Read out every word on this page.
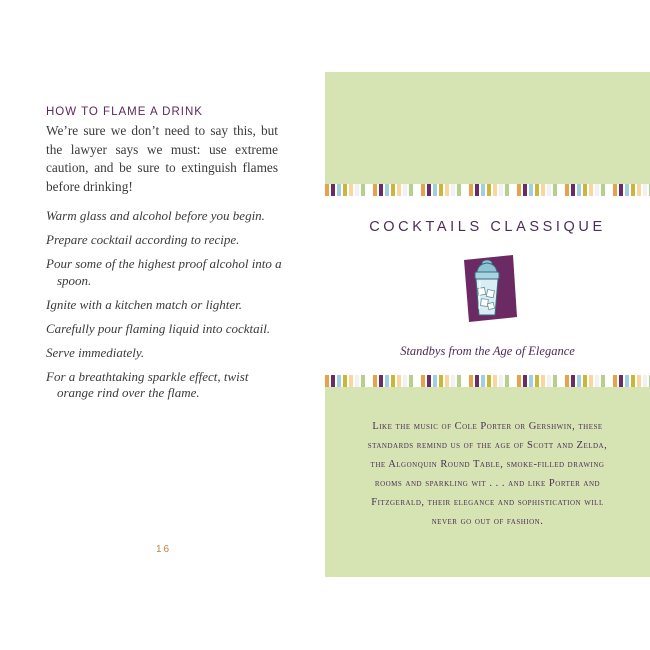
HOW TO FLAME A DRINK
We’re sure we don’t need to say this, but the lawyer says we must: use extreme caution, and be sure to extinguish flames before drinking!
Warm glass and alcohol before you begin.
Prepare cocktail according to recipe.
Pour some of the highest proof alcohol into a spoon.
Ignite with a kitchen match or lighter.
Carefully pour flaming liquid into cocktail.
Serve immediately.
For a breathtaking sparkle effect, twist orange rind over the flame.
16
COCKTAILS CLASSIQUE
Standbys from the Age of Elegance
Like the music of Cole Porter or Gershwin, these standards remind us of the age of Scott and Zelda, the Algonquin Round Table, smoke-filled drawing rooms and sparkling wit . . . and like Porter and Fitzgerald, their elegance and sophistication will never go out of fashion.
